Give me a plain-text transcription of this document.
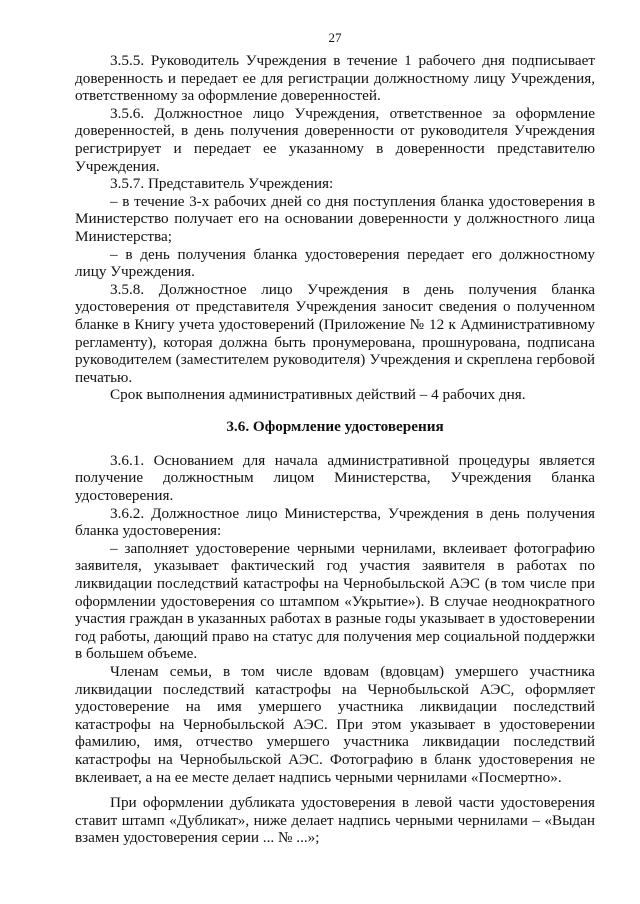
27

3.5.5. Руководитель Учреждения в течение 1 рабочего дня подписывает доверенность и передает ее для регистрации должностному лицу Учреждения, ответственному за оформление доверенностей.

3.5.6. Должностное лицо Учреждения, ответственное за оформление доверенностей, в день получения доверенности от руководителя Учреждения регистрирует и передает ее указанному в доверенности представителю Учреждения.

3.5.7. Представитель Учреждения:

– в течение 3-х рабочих дней со дня поступления бланка удостоверения в Министерство получает его на основании доверенности у должностного лица Министерства;

– в день получения бланка удостоверения передает его должностному лицу Учреждения.

3.5.8. Должностное лицо Учреждения в день получения бланка удостоверения от представителя Учреждения заносит сведения о полученном бланке в Книгу учета удостоверений (Приложение № 12 к Административному регламенту), которая должна быть пронумерована, прошнурована, подписана руководителем (заместителем руководителя) Учреждения и скреплена гербовой печатью.

Срок выполнения административных действий – 4 рабочих дня.

3.6. Оформление удостоверения

3.6.1. Основанием для начала административной процедуры является получение должностным лицом Министерства, Учреждения бланка удостоверения.

3.6.2. Должностное лицо Министерства, Учреждения в день получения бланка удостоверения:

– заполняет удостоверение черными чернилами, вклеивает фотографию заявителя, указывает фактический год участия заявителя в работах по ликвидации последствий катастрофы на Чернобыльской АЭС (в том числе при оформлении удостоверения со штампом «Укрытие»). В случае неоднократного участия граждан в указанных работах в разные годы указывает в удостоверении год работы, дающий право на статус для получения мер социальной поддержки в большем объеме.

Членам семьи, в том числе вдовам (вдовцам) умершего участника ликвидации последствий катастрофы на Чернобыльской АЭС, оформляет удостоверение на имя умершего участника ликвидации последствий катастрофы на Чернобыльской АЭС. При этом указывает в удостоверении фамилию, имя, отчество умершего участника ликвидации последствий катастрофы на Чернобыльской АЭС. Фотографию в бланк удостоверения не вклеивает, а на ее месте делает надпись черными чернилами «Посмертно».

При оформлении дубликата удостоверения в левой части удостоверения ставит штамп «Дубликат», ниже делает надпись черными чернилами – «Выдан взамен удостоверения серии ... № ...»;
